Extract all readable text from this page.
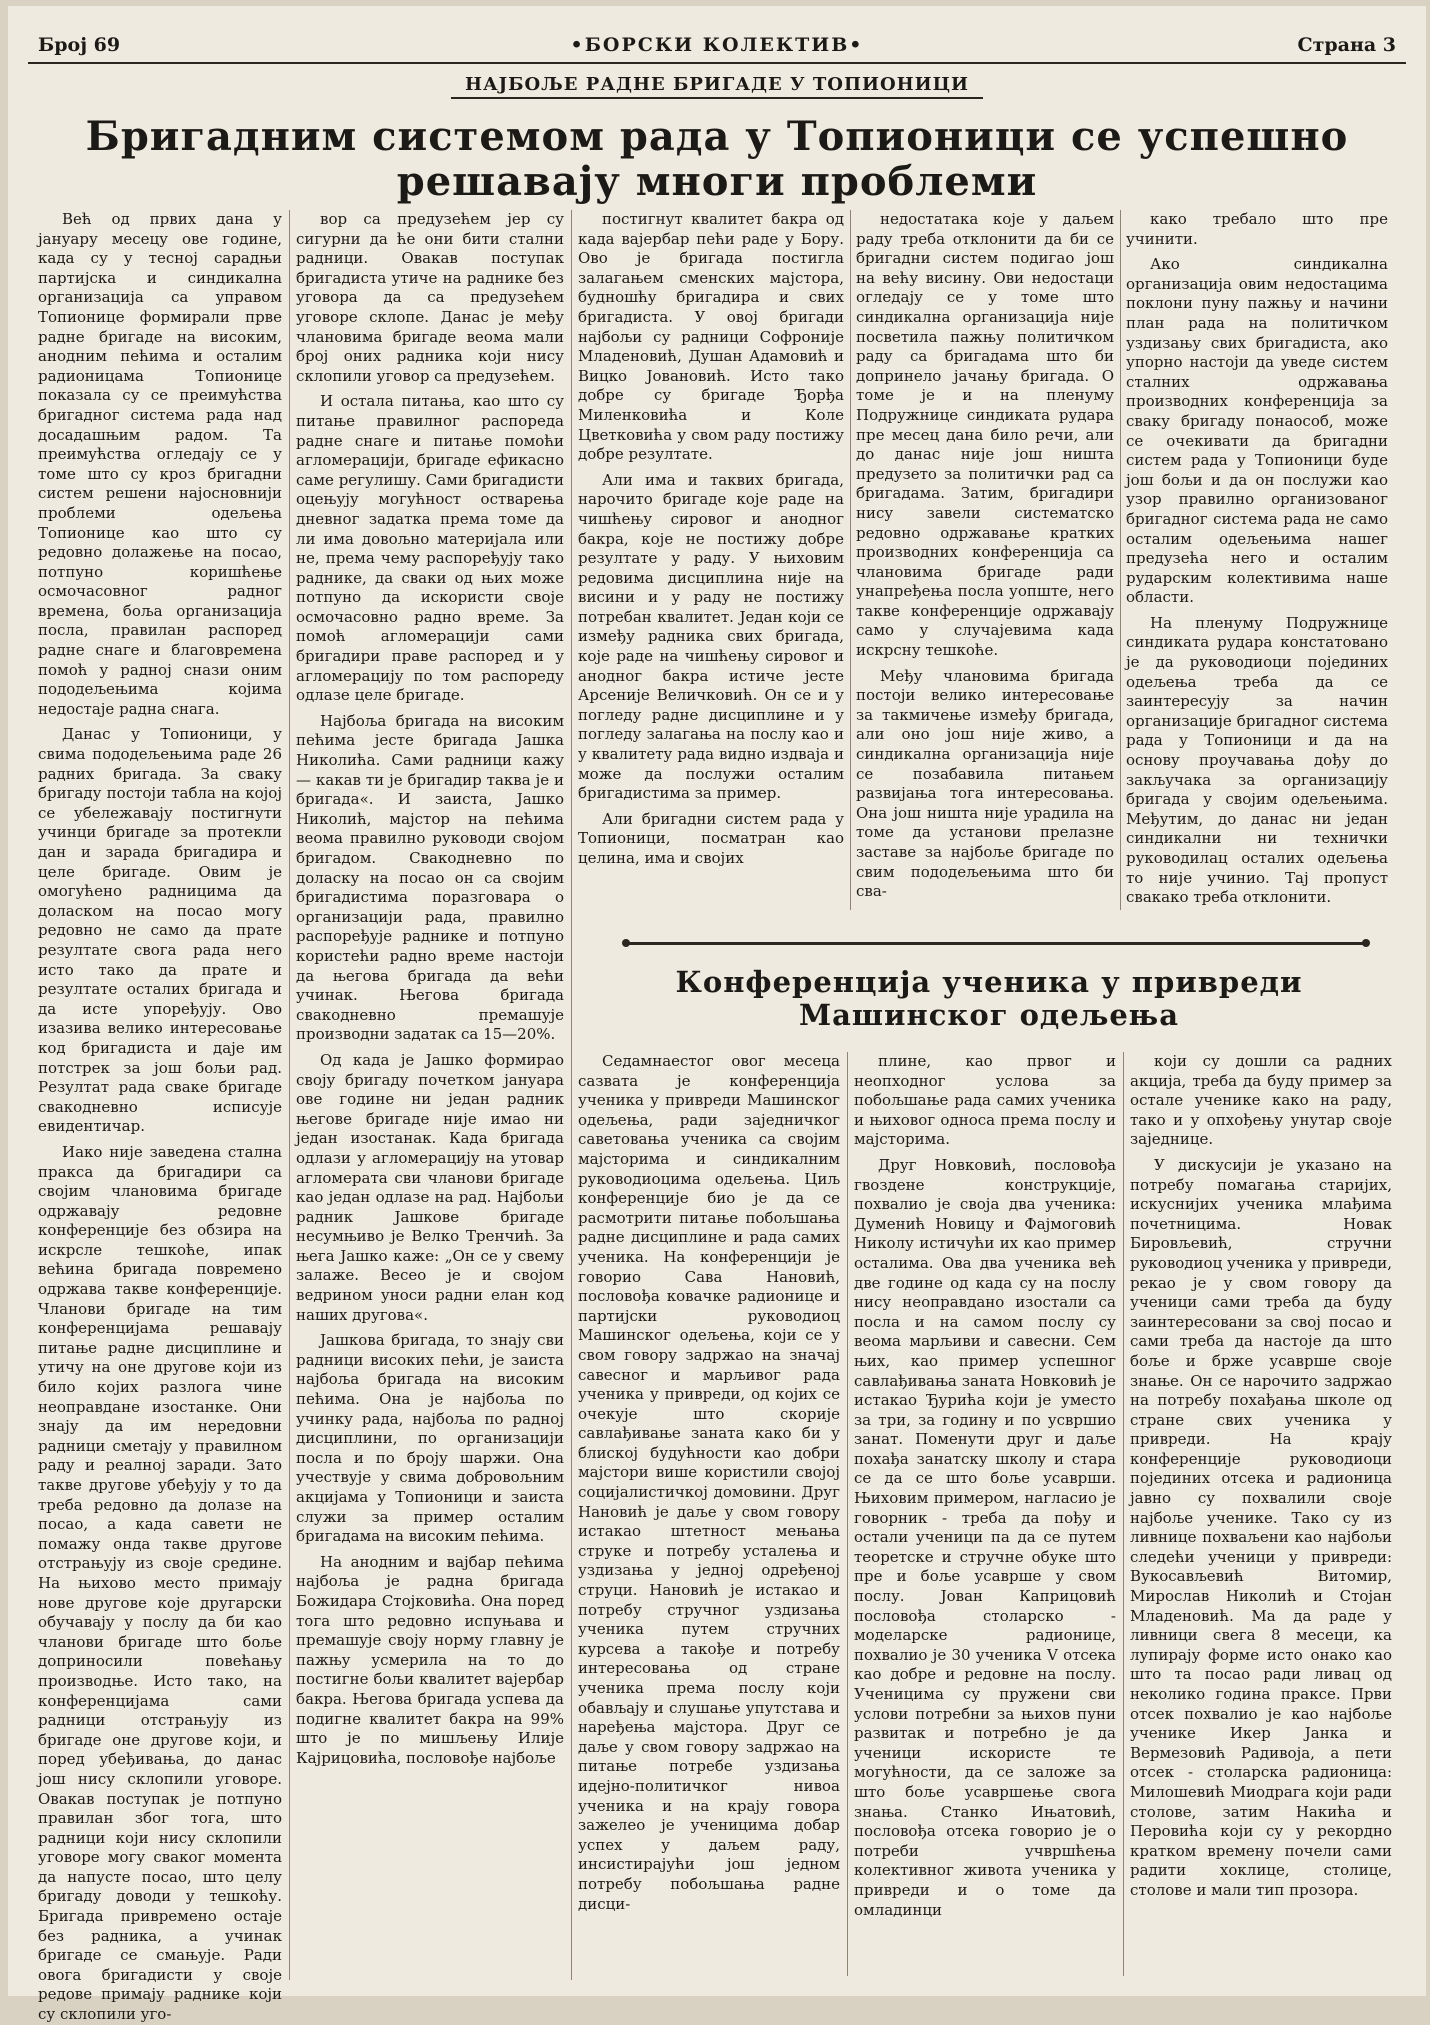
Број 69	•БОРСКИ КОЛЕКТИВ•	Страна 3
НАЈБОЉЕ РАДНЕ БРИГАДЕ У ТОПИОНИЦИ
Бригадним системом рада у Топионици се успешно решавају многи проблеми

Већ од првих дана у јануару месецу ове године, када су у тесној сарадњи партијска и синдикална организација са управом Топионице формирали прве радне бригаде на високим, анодним пећима и осталим радионицама Топионице показала су се преимућства бригадног система рада над досадашњим радом. Та преимућства огледају се у томе што су кроз бригадни систем решени најосновнији проблеми одељења Топионице као што су редовно долажење на посао, потпуно коришћење осмочасовног радног времена, боља организација посла, правилан распоред радне снаге и благовремена помоћ у радној снази оним пододељењима којима недостаје радна снага.

Данас у Топионици, у свима пододељењима раде 26 радних бригада. За сваку бригаду постоји табла на којој се убележавају постигнути учинци бригаде за протекли дан и зарада бригадира и целе бригаде. Овим је омогућено радницима да доласком на посао могу редовно не само да прате резултате свога рада него исто тако да прате и резултате осталих бригада и да исте упоређују. Ово изазива велико интересовање код бригадиста и даје им потстрек за још бољи рад. Резултат рада сваке бригаде свакодневно исписује евидентичар.

Иако није заведена стална пракса да бригадири са својим члановима бригаде одржавају редовне конференције без обзира на искрсле тешкоће, ипак већина бригада повремено одржава такве конференције. Чланови бригаде на тим конференцијама решавају питање радне дисциплине и утичу на оне другове који из било којих разлога чине неоправдане изостанке. Они знају да им нередовни радници сметају у правилном раду и реалној заради. Зато такве другове убеђују у то да треба редовно да долазе на посао, а када савети не помажу онда такве другове отстрањују из своје средине. На њихово место примају нове другове које другарски обучавају у послу да би као чланови бригаде што боље доприносили повећању производње. Исто тако, на конференцијама сами радници отстрањују из бригаде оне другове који, и поред убеђивања, до данас још нису склопили уговоре. Овакав поступак је потпуно правилан због тога, што радници који нису склопили уговоре могу сваког момента да напусте посао, што целу бригаду доводи у тешкоћу. Бригада привремено остаје без радника, а учинак бригаде се смањује. Ради овога бригадисти у своје редове примају раднике који су склопили уго-

вор са предузећем јер су сигурни да ће они бити стални радници. Овакав поступак бригадиста утиче на раднике без уговора да са предузећем уговоре склопе. Данас је међу члановима бригаде веома мали број оних радника који нису склопили уговор са предузећем.

И остала питања, као што су питање правилног распореда радне снаге и питање помоћи агломерацији, бригаде ефикасно саме регулишу. Сами бригадисти оцењују могућност остварења дневног задатка према томе да ли има довољно материјала или не, према чему распоређују тако раднике, да сваки од њих може потпуно да искористи своје осмочасовно радно време. За помоћ агломерацији сами бригадири праве распоред и у агломерацију по том распореду одлазе целе бригаде.

Најбоља бригада на високим пећима јесте бригада Јашка Николића. Сами радници кажу — какав ти је бригадир таква је и бригада«. И заиста, Јашко Николић, мајстор на пећима веома правилно руководи својом бригадом. Свакодневно по доласку на посао он са својим бригадистима поразговара о организацији рада, правилно распоређује раднике и потпуно користећи радно време настоји да његова бригада да већи учинак. Његова бригада свакодневно премашује производни задатак са 15—20%.

Од када је Јашко формирао своју бригаду почетком јануара ове године ни један радник његове бригаде није имао ни један изостанак. Када бригада одлази у агломерацију на утовар агломерата сви чланови бригаде као један одлазе на рад. Најбољи радник Јашкове бригаде несумњиво је Велко Тренчић. За њега Јашко каже: „Он се у свему залаже. Весео је и својом ведрином уноси радни елан код наших другова«.

Јашкова бригада, то знају сви радници високих пећи, је заиста најбоља бригада на високим пећима. Она је најбоља по учинку рада, најбоља по радној дисциплини, по организацији посла и по броју шаржи. Она учествује у свима добровољним акцијама у Топионици и заиста служи за пример осталим бригадама на високим пећима.

На анодним и вајбар пећима најбоља је радна бригада Божидара Стојковића. Она поред тога што редовно испуњава и премашује своју норму главну је пажњу усмерила на то до постигне бољи квалитет вајербар бакра. Његова бригада успева да подигне квалитет бакра на 99% што је по мишљењу Илије Кајрицовића, пословође најбоље

постигнут квалитет бакра од када вајербар пећи раде у Бору. Ово је бригада постигла залагањем сменских мајстора, будношћу бригадира и свих бригадиста. У овој бригади најбољи су радници Софроније Младеновић, Душан Адамовић и Вицко Јовановић. Исто тако добре су бригаде Ђорђа Миленковића и Коле Цветковића у свом раду постижу добре резултате.

Али има и таквих бригада, нарочито бригаде које раде на чишћењу сировог и анодног бакра, које не постижу добре резултате у раду. У њиховим редовима дисциплина није на висини и у раду не постижу потребан квалитет. Један који се између радника свих бригада, које раде на чишћењу сировог и анодног бакра истиче јесте Арсеније Величковић. Он се и у погледу радне дисциплине и у погледу залагања на послу као и у квалитету рада видно издваја и може да послужи осталим бригадистима за пример.

Али бригадни систем рада у Топионици, посматран као целина, има и својих

недостатака које у даљем раду треба отклонити да би се бригадни систем подигао још на већу висину. Ови недостаци огледају се у томе што синдикална организација није посветила пажњу политичком раду са бригадама што би допринело јачању бригада. О томе је и на пленуму Подружнице синдиката рудара пре месец дана било речи, али до данас није још ништа предузето за политички рад са бригадама. Затим, бригадири нису завели систематско редовно одржавање кратких производних конференција са члановима бригаде ради унапређења посла уопште, него такве конференције одржавају само у случајевима када искрсну тешкоће.

Међу члановима бригада постоји велико интересовање за такмичење између бригада, али оно још није живо, а синдикална организација није се позабавила питањем развијања тога интересовања. Она још ништа није урадила на томе да установи прелазне заставе за најбоље бригаде по свим пододељењима што би сва-

како требало што пре учинити.

Ако синдикална организација овим недостацима поклони пуну пажњу и начини план рада на политичком уздизању свих бригадиста, ако упорно настоји да уведе систем сталних одржавања производних конференција за сваку бригаду понаособ, може се очекивати да бригадни систем рада у Топионици буде још бољи и да он послужи као узор правилно организованог бригадног система рада не само осталим одељењима нашег предузећа него и осталим рударским колективима наше области.

На пленуму Подружнице синдиката рудара констатовано је да руководиоци појединих одељења треба да се заинтересују за начин организације бригадног система рада у Топионици и да на основу проучавања дођу до закључака за организацију бригада у својим одељењима. Међутим, до данас ни један синдикални ни технички руководилац осталих одељења то није учинио. Тај пропуст свакако треба отклонити.

Конференција ученика у привреди Машинског одељења

Седамнаестог овог месеца сазвата је конференција ученика у привреди Машинског одељења, ради заједничког саветовања ученика са својим мајсторима и синдикалним руководиоцима одељења. Циљ конференције био је да се расмотрити питање побољшања радне дисциплине и рада самих ученика. На конференцији је говорио Сава Нановић, пословођа ковачке радионице и партијски руководиоц Машинског одељења, који се у свом говору задржао на значај савесног и марљивог рада ученика у привреди, од којих се очекује што скорије савлађивање заната како би у блиској будућности као добри мајстори више користили својој социјалистичкој домовини. Друг Нановић је даље у свом говору истакао штетност мењања струке и потребу усталења и уздизања у једној одређеној струци. Нановић је истакао и потребу стручног уздизања ученика путем стручних курсева а такође и потребу интересовања од стране ученика према послу који обављају и слушање упутстава и наређења мајстора. Друг се даље у свом говору задржао на питање потребе уздизања идејно-политичког нивоа ученика и на крају говора зажелео је ученицима добар успех у даљем раду, инсистирајући још једном потребу побољшања радне дисци-

плине, као првог и неопходног услова за побољшање рада самих ученика и њиховог односа према послу и мајсторима.

Друг Новковић, пословођа гвоздене конструкције, похвалио је своја два ученика: Думенић Новицу и Фајмоговић Николу истичући их као пример осталима. Ова два ученика већ две године од када су на послу нису неоправдано изостали са посла и на самом послу су веома марљиви и савесни. Сем њих, као пример успешног савлађивања заната Новковић је истакао Ђурића који је уместо за три, за годину и по усвршио занат. Поменути друг и даље похађа занатску школу и стара се да се што боље усаврши. Њиховим примером, нагласио је говорник - треба да пођу и остали ученици па да се путем теоретске и стручне обуке што пре и боље усаврше у свом послу. Јован Каприцовић пословођа столарско - моделарске радионице, похвалио је 30 ученика V отсека као добре и редовне на послу. Ученицима су пружени сви услови потребни за њихов пуни развитак и потребно је да ученици искористе те могућности, да се заложе за што боље усавршење свога знања. Станко Ињатовић, пословођа отсека говорио је о потреби учвршћења колективног живота ученика у привреди и о томе да омладинци

који су дошли са радних акција, треба да буду пример за остале ученике како на раду, тако и у опхођењу унутар своје заједнице.

У дискусији је указано на потребу помагања старијих, искуснијих ученика млађима почетницима. Новак Бировљевић, стручни руководиоц ученика у привреди, рекао је у свом говору да ученици сами треба да буду заинтересовани за свој посао и сами треба да настоје да што боље и брже усаврше своје знање. Он се нарочито задржао на потребу похађања школе од стране свих ученика у привреди. На крају конференције руководиоци појединих отсека и радионица јавно су похвалили своје најбоље ученике. Тако су из ливнице похваљени као најбољи следећи ученици у привреди: Вукосављевић Витомир, Мирослав Николић и Стојан Младеновић. Ма да раде у ливници свега 8 месеци, ка лупирају форме исто онако као што та посао ради ливац од неколико година праксе. Први отсек похвалио је као најбоље ученике Икер Јанка и Вермезовић Радивоја, а пети отсек - столарска радионица: Милошевић Миодрага који ради столове, затим Накића и Перовића који су у рекордно кратком времену почели сами радити хоклице, столице, столове и мали тип прозора.
